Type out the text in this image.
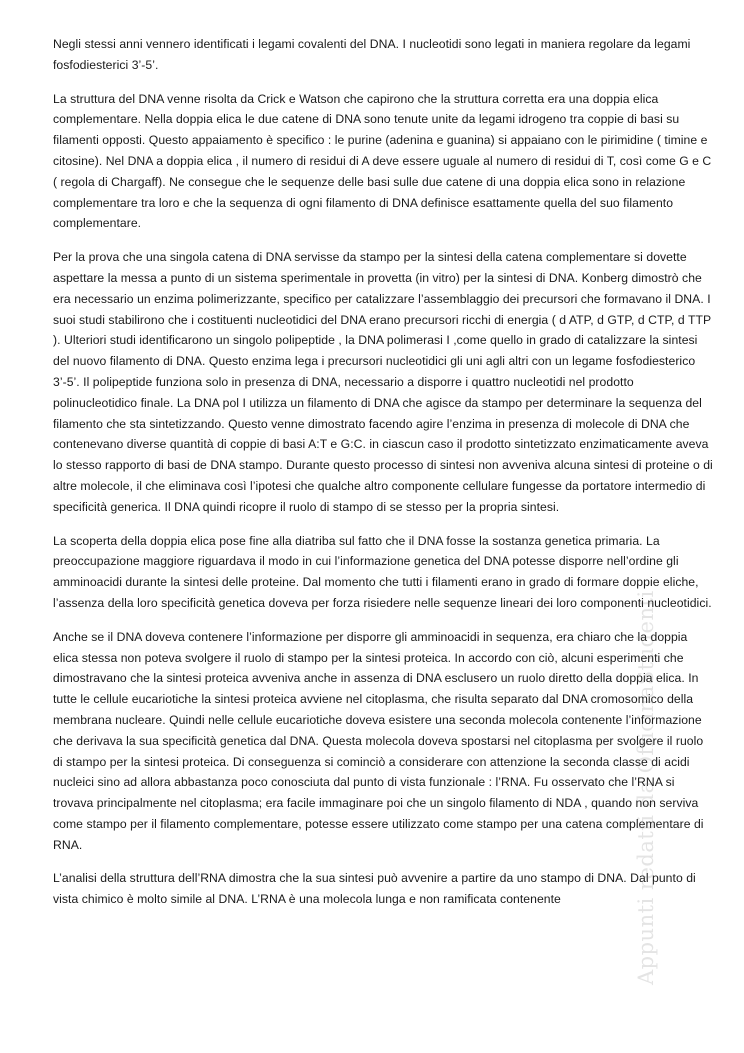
Negli stessi anni vennero identificati i legami covalenti del DNA. I nucleotidi sono legati in maniera regolare da legami fosfodiesterici 3’-5’.

La struttura del DNA venne risolta da Crick e Watson che capirono che la struttura corretta era una doppia elica complementare. Nella doppia elica le due catene di DNA sono tenute unite da legami idrogeno tra coppie di basi su filamenti opposti. Questo appaiamento è specifico : le purine (adenina e guanina) si appaiano con le pirimidine ( timine e citosine). Nel DNA a doppia elica , il numero di residui di A deve essere uguale al numero di residui di T, così come G e C ( regola di Chargaff). Ne consegue che le sequenze delle basi sulle due catene di una doppia elica sono in relazione complementare tra loro e che la sequenza di ogni filamento di DNA definisce esattamente quella del suo filamento complementare.

Per la prova che una singola catena di DNA servisse da stampo per la sintesi della catena complementare si dovette aspettare la messa a punto di un sistema sperimentale in provetta (in vitro) per la sintesi di DNA. Konberg dimostrò che era necessario un enzima polimerizzante, specifico per catalizzare l’assemblaggio dei precursori che formavano il DNA. I suoi studi stabilirono che i costituenti nucleotidici del DNA erano precursori ricchi di energia ( d ATP, d GTP, d CTP, d TTP ). Ulteriori studi identificarono un singolo polipeptide , la DNA polimerasi I ,come quello in grado di catalizzare la sintesi del nuovo filamento di DNA. Questo enzima lega i precursori nucleotidici gli uni agli altri con un legame fosfodiesterico 3’-5’. Il polipeptide funziona solo in presenza di DNA, necessario a disporre i quattro nucleotidi nel prodotto polinucleotidico finale. La DNA pol I utilizza un filamento di DNA che agisce da stampo per determinare la sequenza del filamento che sta sintetizzando. Questo venne dimostrato facendo agire l’enzima in presenza di molecole di DNA che contenevano diverse quantità di coppie di basi A:T e G:C. in ciascun caso il prodotto sintetizzato enzimaticamente aveva lo stesso rapporto di basi de DNA stampo. Durante questo processo di sintesi non avveniva alcuna sintesi di proteine o di altre molecole, il che eliminava così l’ipotesi che qualche altro componente cellulare fungesse da portatore intermedio di specificità generica. Il DNA quindi ricopre il ruolo di stampo di se stesso per la propria sintesi.

La scoperta della doppia elica pose fine alla diatriba sul fatto che il DNA fosse la sostanza genetica primaria. La preoccupazione maggiore riguardava il modo in cui l’informazione genetica del DNA potesse disporre nell’ordine gli amminoacidi durante la sintesi delle proteine. Dal momento che tutti i filamenti erano in grado di formare doppie eliche, l’assenza della loro specificità genetica doveva per forza risiedere nelle sequenze lineari dei loro componenti nucleotidici.

Anche se il DNA doveva contenere l’informazione per disporre gli amminoacidi in sequenza, era chiaro che la doppia elica stessa non poteva svolgere il ruolo di stampo per la sintesi proteica. In accordo con ciò, alcuni esperimenti che dimostravano che la sintesi proteica avveniva anche in assenza di DNA esclusero un ruolo diretto della doppia elica. In tutte le cellule eucariotiche la sintesi proteica avviene nel citoplasma, che risulta separato dal DNA cromosomico della membrana nucleare. Quindi nelle cellule eucariotiche doveva esistere una seconda molecola contenente l’informazione che derivava la sua specificità genetica dal DNA. Questa molecola doveva spostarsi nel citoplasma per svolgere il ruolo di stampo per la sintesi proteica. Di conseguenza si cominciò a considerare con attenzione la seconda classe di acidi nucleici sino ad allora abbastanza poco conosciuta dal punto di vista funzionale : l’RNA. Fu osservato che l’RNA si trovava principalmente nel citoplasma; era facile immaginare poi che un singolo filamento di NDA , quando non serviva come stampo per il filamento complementare, potesse essere utilizzato come stampo per una catena complementare di RNA.

L’analisi della struttura dell’RNA dimostra che la sua sintesi può avvenire a partire da uno stampo di DNA. Dal punto di vista chimico è molto simile al DNA. L’RNA è una molecola lunga e non ramificata contenente	Appunti redatti da OfficinaStudenti
